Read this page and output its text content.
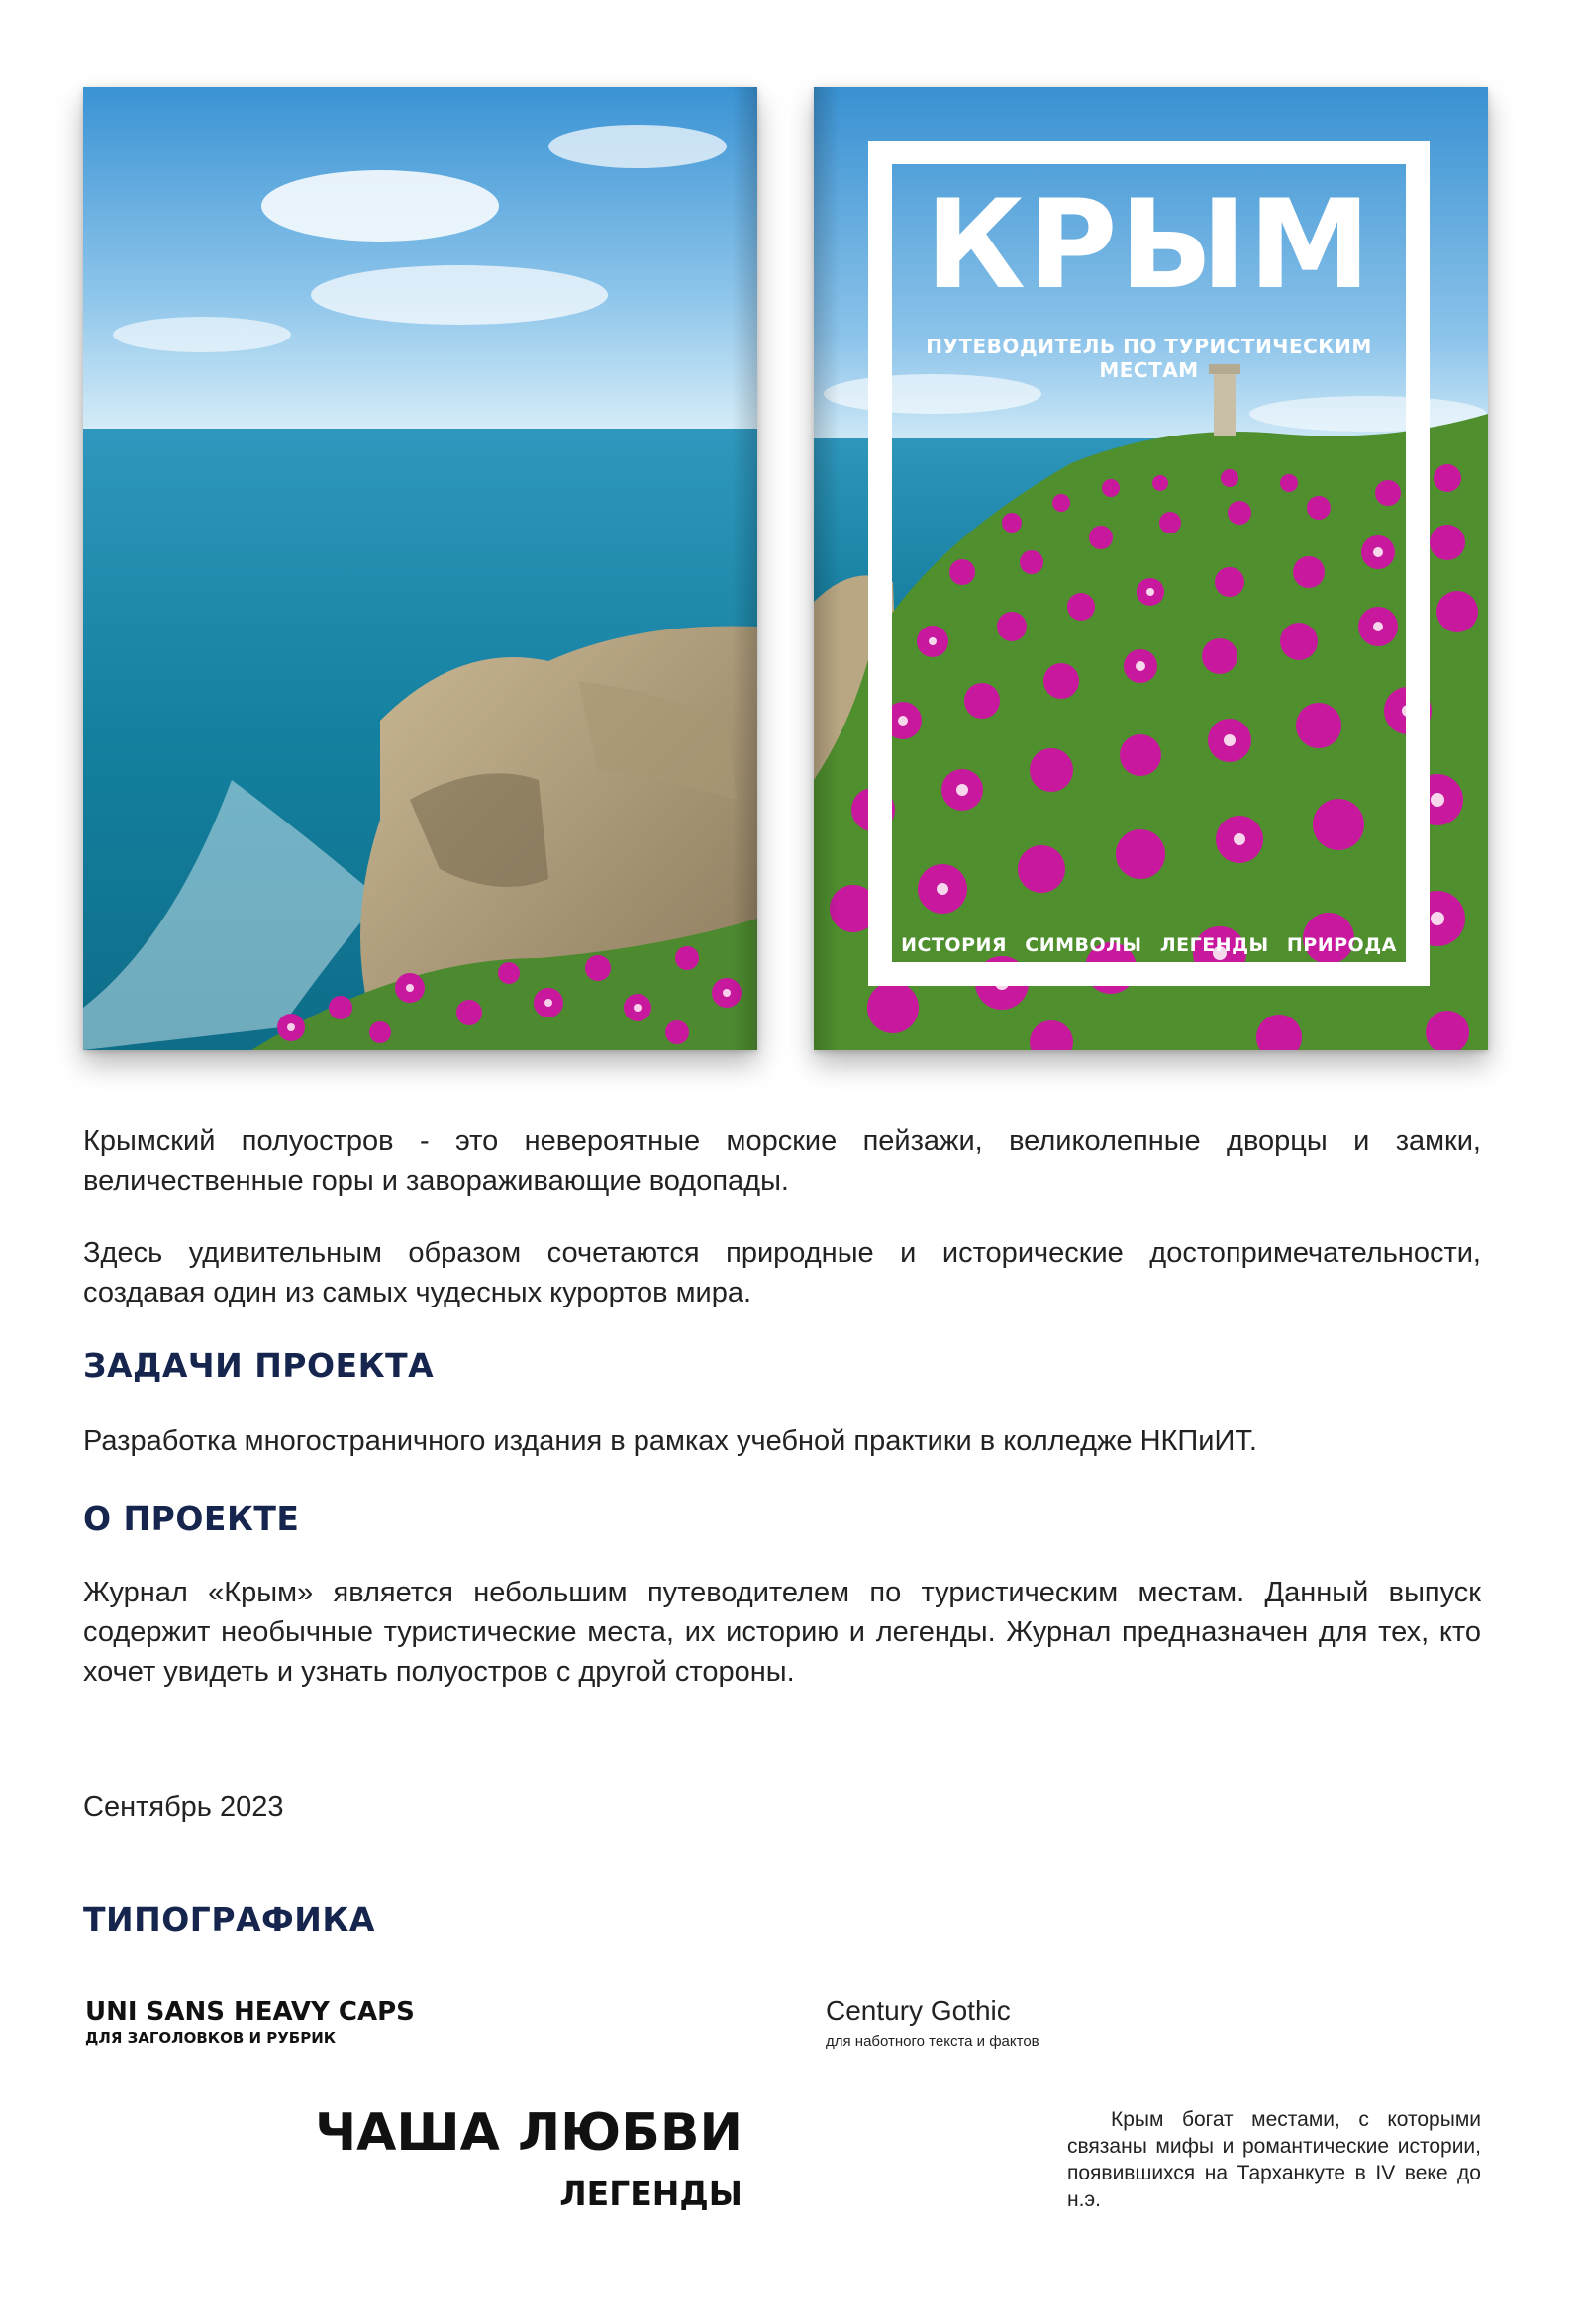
КРЫМ
ПУТЕВОДИТЕЛЬ ПО ТУРИСТИЧЕСКИМ МЕСТАМ
ИСТОРИЯ СИМВОЛЫ ЛЕГЕНДЫ ПРИРОДА

Крымский полуостров - это невероятные морские пейзажи, великолепные дворцы и замки, величественные горы и завораживающие водопады.

Здесь удивительным образом сочетаются природные и исторические достопримечательности, создавая один из самых чудесных курортов мира.

ЗАДАЧИ ПРОЕКТА

Разработка многостраничного издания в рамках учебной практики в колледже НКПиИТ.

О ПРОЕКТЕ

Журнал «Крым» является небольшим путеводителем по туристическим местам. Данный выпуск содержит необычные туристические места, их историю и легенды. Журнал предназначен для тех, кто хочет увидеть и узнать полуостров с другой стороны.

Сентябрь 2023

ТИПОГРАФИКА
UNI SANS HEAVY CAPS
ДЛЯ ЗАГОЛОВКОВ И РУБРИК
Century Gothic
для наботного текста и фактов
ЧАША ЛЮБВИ
ЛЕГЕНДЫ

Крым богат местами, с которыми связаны мифы и романтические истории, появившихся на Тарханкуте в IV веке до н.э.
